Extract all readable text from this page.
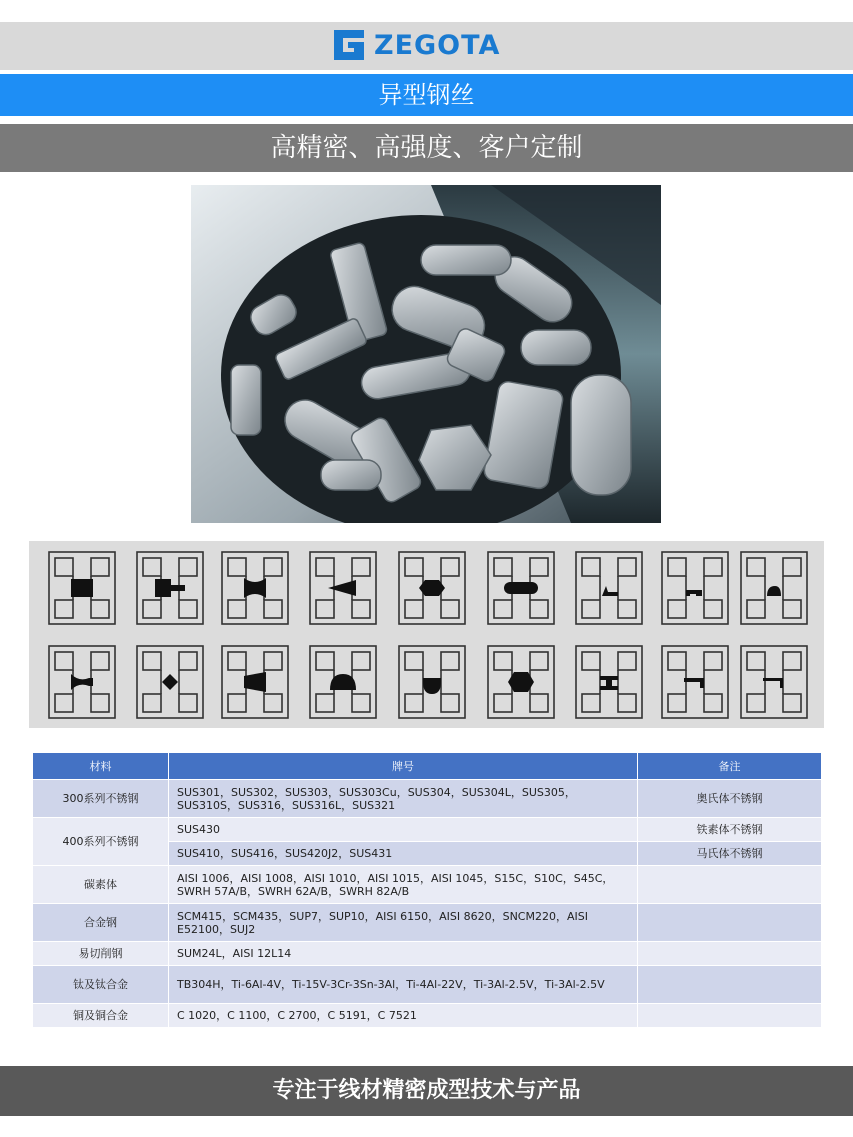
ZEGOTA
异型钢丝
高精密、高强度、客户定制
材料	牌号	备注
300系列不锈钢	SUS301，SUS302，SUS303，SUS303Cu，SUS304，SUS304L，SUS305，SUS310S，SUS316，SUS316L，SUS321	奥氏体不锈钢
400系列不锈钢	SUS430	铁素体不锈钢
	SUS410，SUS416，SUS420J2，SUS431	马氏体不锈钢
碳素体	AISI 1006，AISI 1008，AISI 1010，AISI 1015，AISI 1045，S15C，S10C，S45C，SWRH 57A/B，SWRH 62A/B，SWRH 82A/B	
合金钢	SCM415，SCM435，SUP7，SUP10，AISI 6150，AISI 8620，SNCM220，AISI E52100，SUJ2	
易切削钢	SUM24L，AISI 12L14	
钛及钛合金	TB304H，Ti-6Al-4V，Ti-15V-3Cr-3Sn-3Al，Ti-4Al-22V，Ti-3Al-2.5V，Ti-3Al-2.5V	
铜及铜合金	C 1020，C 1100，C 2700，C 5191，C 7521	
专注于线材精密成型技术与产品
